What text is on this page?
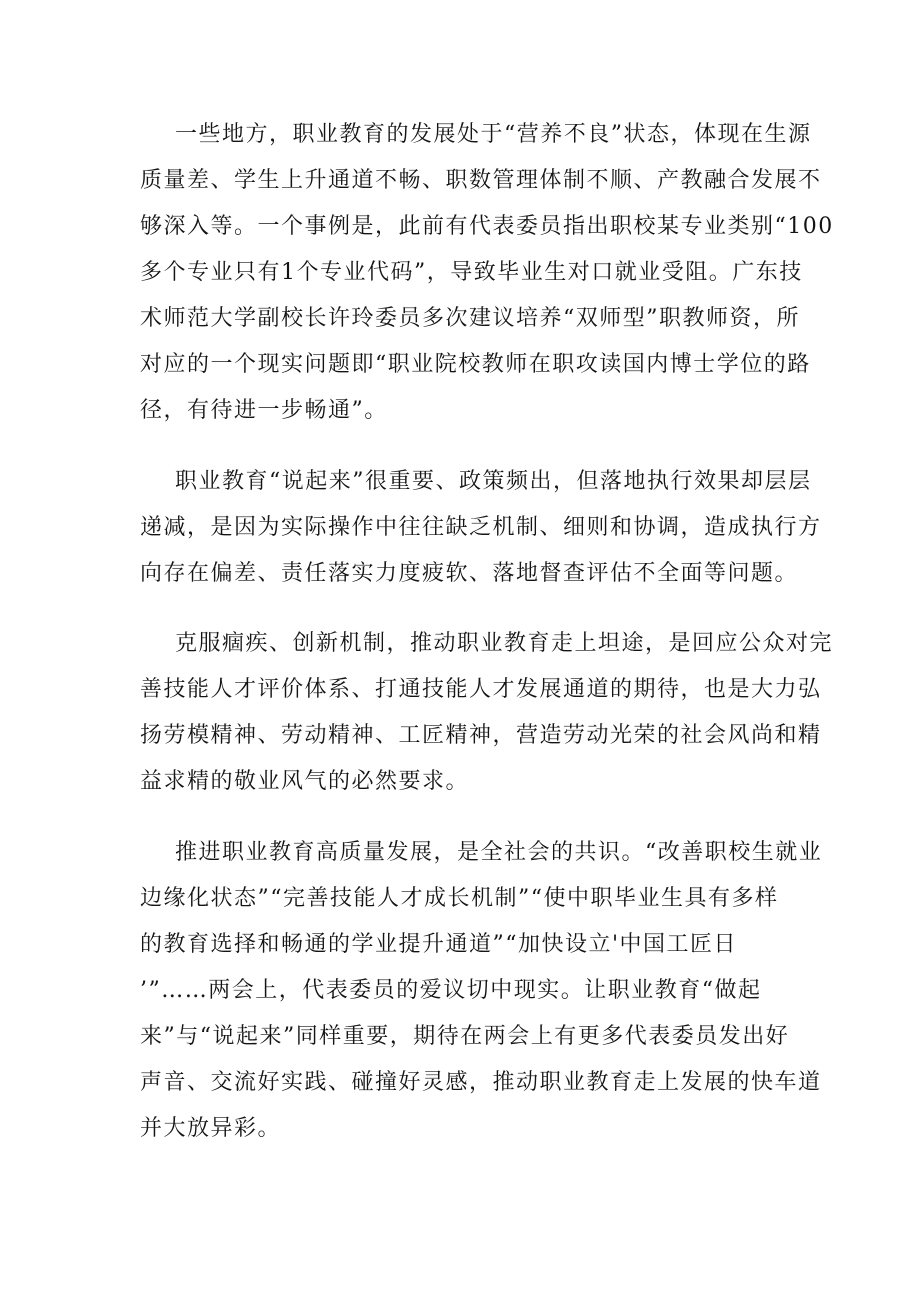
一些地方，职业教育的发展处于“营养不良”状态，体现在生源

质量差、学生上升通道不畅、职数管理体制不顺、产教融合发展不

够深入等。一个事例是，此前有代表委员指出职校某专业类别“100

多个专业只有1个专业代码”，导致毕业生对口就业受阻。广东技

术师范大学副校长许玲委员多次建议培养“双师型”职教师资，所

对应的一个现实问题即“职业院校教师在职攻读国内博士学位的路

径，有待进一步畅通”。

职业教育“说起来”很重要、政策频出，但落地执行效果却层层

递减，是因为实际操作中往往缺乏机制、细则和协调，造成执行方

向存在偏差、责任落实力度疲软、落地督查评估不全面等问题。

克服痼疾、创新机制，推动职业教育走上坦途，是回应公众对完

善技能人才评价体系、打通技能人才发展通道的期待，也是大力弘

扬劳模精神、劳动精神、工匠精神，营造劳动光荣的社会风尚和精

益求精的敬业风气的必然要求。

推进职业教育高质量发展，是全社会的共识。“改善职校生就业

边缘化状态”“完善技能人才成长机制”“使中职毕业生具有多样

的教育选择和畅通的学业提升通道”“加快设立'中国工匠日

’”……两会上，代表委员的爱议切中现实。让职业教育“做起

来”与“说起来”同样重要，期待在两会上有更多代表委员发出好

声音、交流好实践、碰撞好灵感，推动职业教育走上发展的快车道

并大放异彩。
